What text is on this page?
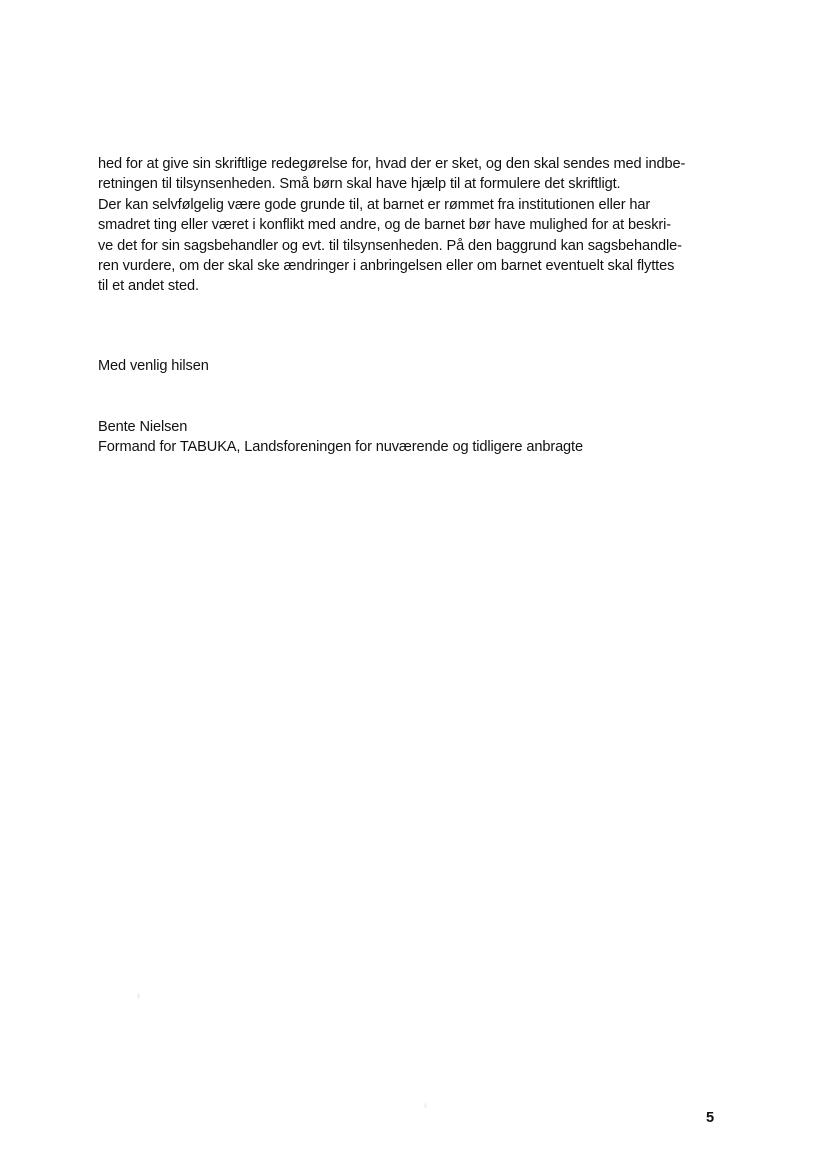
hed for at give sin skriftlige redegørelse for, hvad der er sket, og den skal sendes med indbe-
retningen til tilsynsenheden. Små børn skal have hjælp til at formulere det skriftligt.
Der kan selvfølgelig være gode grunde til, at barnet er rømmet fra institutionen eller har
smadret ting eller været i konflikt med andre, og de barnet bør have mulighed for at beskri-
ve det for sin sagsbehandler og evt. til tilsynsenheden. På den baggrund kan sagsbehandle-
ren vurdere, om der skal ske ændringer i anbringelsen eller om barnet eventuelt skal flyttes
til et andet sted.
Med venlig hilsen
Bente Nielsen
Formand for TABUKA, Landsforeningen for nuværende og tidligere anbragte
5
